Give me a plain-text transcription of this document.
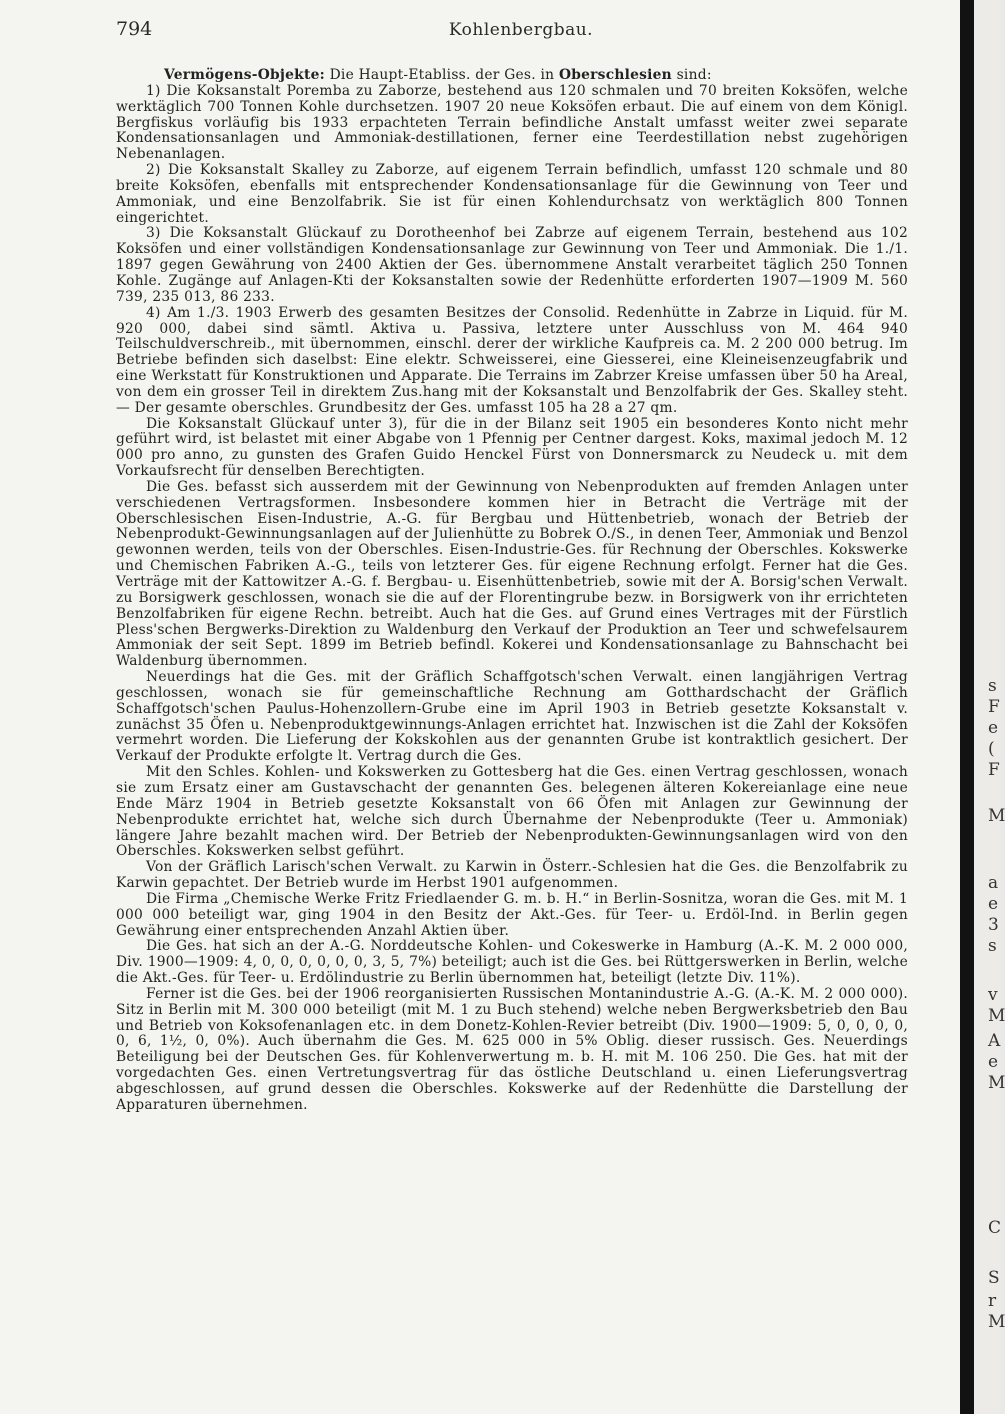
794	Kohlenbergbau.

Vermögens-Objekte: Die Haupt-Etabliss. der Ges. in Oberschlesien sind:

1) Die Koksanstalt Poremba zu Zaborze, bestehend aus 120 schmalen und 70 breiten Koksöfen, welche werktäglich 700 Tonnen Kohle durchsetzen. 1907 20 neue Koksöfen erbaut. Die auf einem von dem Königl. Bergfiskus vorläufig bis 1933 erpachteten Terrain befindliche Anstalt umfasst weiter zwei separate Kondensationsanlagen und Ammoniak-destillationen, ferner eine Teerdestillation nebst zugehörigen Nebenanlagen.

2) Die Koksanstalt Skalley zu Zaborze, auf eigenem Terrain befindlich, umfasst 120 schmale und 80 breite Koksöfen, ebenfalls mit entsprechender Kondensationsanlage für die Gewinnung von Teer und Ammoniak, und eine Benzolfabrik. Sie ist für einen Kohlendurchsatz von werktäglich 800 Tonnen eingerichtet.

3) Die Koksanstalt Glückauf zu Dorotheenhof bei Zabrze auf eigenem Terrain, bestehend aus 102 Koksöfen und einer vollständigen Kondensationsanlage zur Gewinnung von Teer und Ammoniak. Die 1./1. 1897 gegen Gewährung von 2400 Aktien der Ges. übernommene Anstalt verarbeitet täglich 250 Tonnen Kohle. Zugänge auf Anlagen-Kti der Koksanstalten sowie der Redenhütte erforderten 1907—1909 M. 560 739, 235 013, 86 233.

4) Am 1./3. 1903 Erwerb des gesamten Besitzes der Consolid. Redenhütte in Zabrze in Liquid. für M. 920 000, dabei sind sämtl. Aktiva u. Passiva, letztere unter Ausschluss von M. 464 940 Teilschuldverschreib., mit übernommen, einschl. derer der wirkliche Kaufpreis ca. M. 2 200 000 betrug. Im Betriebe befinden sich daselbst: Eine elektr. Schweisserei, eine Giesserei, eine Kleineisenzeugfabrik und eine Werkstatt für Konstruktionen und Apparate. Die Terrains im Zabrzer Kreise umfassen über 50 ha Areal, von dem ein grosser Teil in direktem Zus.hang mit der Koksanstalt und Benzolfabrik der Ges. Skalley steht. — Der gesamte oberschles. Grundbesitz der Ges. umfasst 105 ha 28 a 27 qm.

Die Koksanstalt Glückauf unter 3), für die in der Bilanz seit 1905 ein besonderes Konto nicht mehr geführt wird, ist belastet mit einer Abgabe von 1 Pfennig per Centner dargest. Koks, maximal jedoch M. 12 000 pro anno, zu gunsten des Grafen Guido Henckel Fürst von Donnersmarck zu Neudeck u. mit dem Vorkaufsrecht für denselben Berechtigten.

Die Ges. befasst sich ausserdem mit der Gewinnung von Nebenprodukten auf fremden Anlagen unter verschiedenen Vertragsformen. Insbesondere kommen hier in Betracht die Verträge mit der Oberschlesischen Eisen-Industrie, A.-G. für Bergbau und Hüttenbetrieb, wonach der Betrieb der Nebenprodukt-Gewinnungsanlagen auf der Julienhütte zu Bobrek O./S., in denen Teer, Ammoniak und Benzol gewonnen werden, teils von der Oberschles. Eisen-Industrie-Ges. für Rechnung der Oberschles. Kokswerke und Chemischen Fabriken A.-G., teils von letzterer Ges. für eigene Rechnung erfolgt. Ferner hat die Ges. Verträge mit der Kattowitzer A.-G. f. Bergbau- u. Eisenhüttenbetrieb, sowie mit der A. Borsig'schen Verwalt. zu Borsigwerk geschlossen, wonach sie die auf der Florentingrube bezw. in Borsigwerk von ihr errichteten Benzolfabriken für eigene Rechn. betreibt. Auch hat die Ges. auf Grund eines Vertrages mit der Fürstlich Pless'schen Bergwerks-Direktion zu Waldenburg den Verkauf der Produktion an Teer und schwefelsaurem Ammoniak der seit Sept. 1899 im Betrieb befindl. Kokerei und Kondensationsanlage zu Bahnschacht bei Waldenburg übernommen.

Neuerdings hat die Ges. mit der Gräflich Schaffgotsch'schen Verwalt. einen langjährigen Vertrag geschlossen, wonach sie für gemeinschaftliche Rechnung am Gotthardschacht der Gräflich Schaffgotsch'schen Paulus-Hohenzollern-Grube eine im April 1903 in Betrieb gesetzte Koksanstalt v. zunächst 35 Öfen u. Nebenproduktgewinnungs-Anlagen errichtet hat. Inzwischen ist die Zahl der Koksöfen vermehrt worden. Die Lieferung der Kokskohlen aus der genannten Grube ist kontraktlich gesichert. Der Verkauf der Produkte erfolgte lt. Vertrag durch die Ges.

Mit den Schles. Kohlen- und Kokswerken zu Gottesberg hat die Ges. einen Vertrag geschlossen, wonach sie zum Ersatz einer am Gustavschacht der genannten Ges. belegenen älteren Kokereianlage eine neue Ende März 1904 in Betrieb gesetzte Koksanstalt von 66 Öfen mit Anlagen zur Gewinnung der Nebenprodukte errichtet hat, welche sich durch Übernahme der Nebenprodukte (Teer u. Ammoniak) längere Jahre bezahlt machen wird. Der Betrieb der Nebenprodukten-Gewinnungsanlagen wird von den Oberschles. Kokswerken selbst geführt.

Von der Gräflich Larisch'schen Verwalt. zu Karwin in Österr.-Schlesien hat die Ges. die Benzolfabrik zu Karwin gepachtet. Der Betrieb wurde im Herbst 1901 aufgenommen.

Die Firma „Chemische Werke Fritz Friedlaender G. m. b. H.“ in Berlin-Sosnitza, woran die Ges. mit M. 1 000 000 beteiligt war, ging 1904 in den Besitz der Akt.-Ges. für Teer- u. Erdöl-Ind. in Berlin gegen Gewährung einer entsprechenden Anzahl Aktien über.

Die Ges. hat sich an der A.-G. Norddeutsche Kohlen- und Cokeswerke in Hamburg (A.-K. M. 2 000 000, Div. 1900—1909: 4, 0, 0, 0, 0, 0, 0, 3, 5, 7%) beteiligt; auch ist die Ges. bei Rüttgerswerken in Berlin, welche die Akt.-Ges. für Teer- u. Erdölindustrie zu Berlin übernommen hat, beteiligt (letzte Div. 11%).

Ferner ist die Ges. bei der 1906 reorganisierten Russischen Montanindustrie A.-G. (A.-K. M. 2 000 000). Sitz in Berlin mit M. 300 000 beteiligt (mit M. 1 zu Buch stehend) welche neben Bergwerksbetrieb den Bau und Betrieb von Koksofenanlagen etc. in dem Donetz-Kohlen-Revier betreibt (Div. 1900—1909: 5, 0, 0, 0, 0, 0, 6, 1½, 0, 0%). Auch übernahm die Ges. M. 625 000 in 5% Oblig. dieser russisch. Ges. Neuerdings Beteiligung bei der Deutschen Ges. für Kohlenverwertung m. b. H. mit M. 106 250. Die Ges. hat mit der vorgedachten Ges. einen Vertretungsvertrag für das östliche Deutschland u. einen Lieferungsvertrag abgeschlossen, auf grund dessen die Oberschles. Kokswerke auf der Redenhütte die Darstellung der Apparaturen übernehmen.

s
F
e
(
F
M
a
e
3
s
v
M
A
e
M
C
S
r
M
